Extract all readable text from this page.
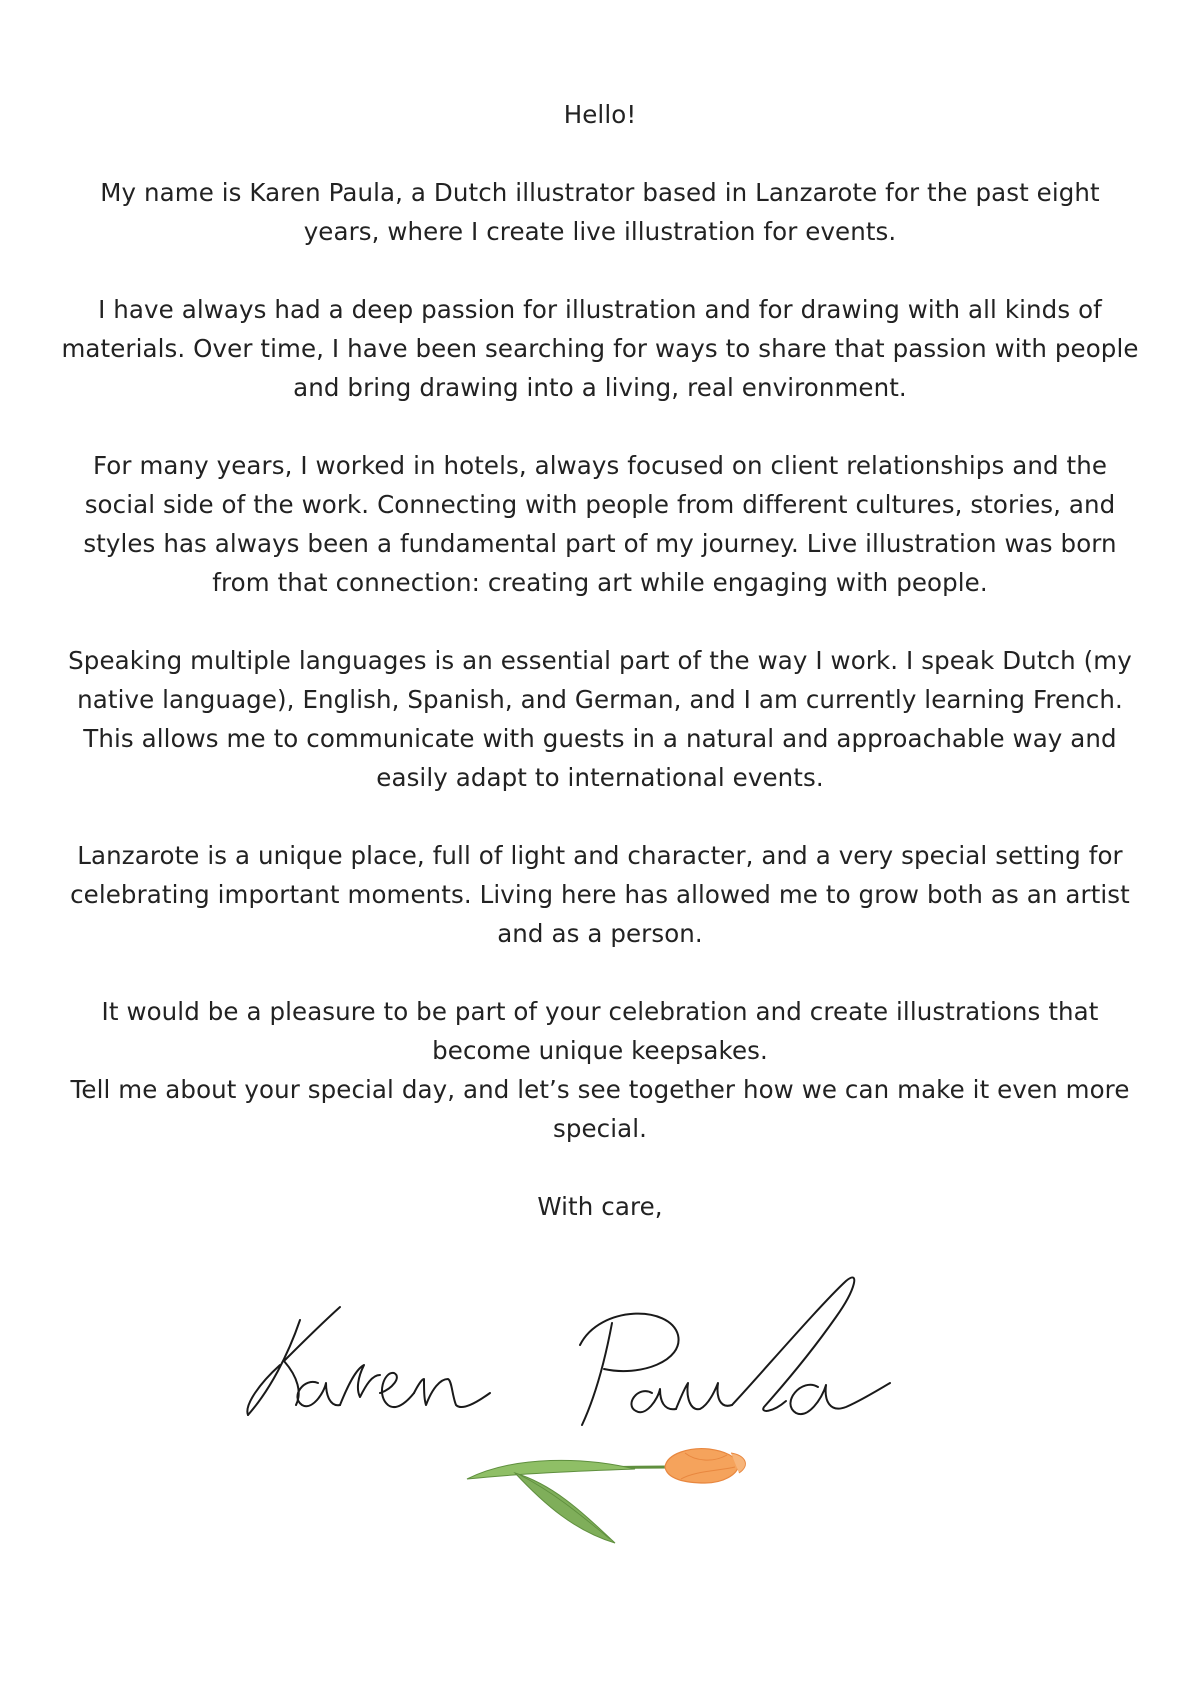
Hello!

My name is Karen Paula, a Dutch illustrator based in Lanzarote for the past eight years, where I create live illustration for events.

I have always had a deep passion for illustration and for drawing with all kinds of materials. Over time, I have been searching for ways to share that passion with people and bring drawing into a living, real environment.

For many years, I worked in hotels, always focused on client relationships and the social side of the work. Connecting with people from different cultures, stories, and styles has always been a fundamental part of my journey. Live illustration was born from that connection: creating art while engaging with people.

Speaking multiple languages is an essential part of the way I work. I speak Dutch (my native language), English, Spanish, and German, and I am currently learning French. This allows me to communicate with guests in a natural and approachable way and easily adapt to international events.

Lanzarote is a unique place, full of light and character, and a very special setting for celebrating important moments. Living here has allowed me to grow both as an artist and as a person.

It would be a pleasure to be part of your celebration and create illustrations that become unique keepsakes.

Tell me about your special day, and let’s see together how we can make it even more special.

With care,
